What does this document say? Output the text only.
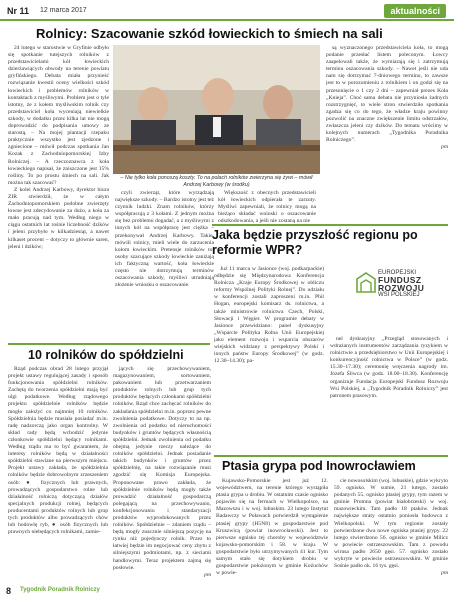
Nr 11 12 marca 2017	aktualności
Rolnicy: Szacowanie szkód łowieckich to śmiech na sali

24 lutego w starostwie w Gryfinie odbyło się spotkanie tutejszych rolników z przedstawicielami kół łowieckich dzierżawiących obwody na terenie powiatu gryfińskiego. Debata miała przynieść rozwiązanie kwestii oceny wielkości szkód łowieckich i problemów rolników w kontaktach z myśliwymi. Problem jest o tyle istotny, że z kołem myśliwskim rolnik czy przedstawiciel koła wyceniają niewielkie szkody, w dodatku przez kilka lat nie mogą doprowadzić do podpisania umowy ze starostą. – Na mojej plantacji rzepaku praktycznie wszystko jest zjedzone i zgniecione – mówił podczas spotkania Jan Kozak z Zachodniopomorskiej Izby Rolniczej. – A rzeczoznawca z koła łowieckiego napisał, że zniszczone jest 15% rośliny. To po prostu śmiech na sali. Jak można tak szacować?

Z kolei Andrzej Karbowy, dyrektor biura ZIR stwierdził, że w całym Zachodniopomorskiem podobne zwierzęty łowne jest zdecydowanie za dużo, a koła za mało pracują nad tym. Według niego w ciągu ostatnich lat rośnie liczebność dzików i jeleni przybyło w kilkadziesiąt, a nawet kilkaset procent – dotyczy to głównie saren, jeleni i dzików;

– Nie tylko koła ponoszą koszty. To na polach rolników zwierzyna się żywi – mówił Andrzej Karbowy (w środku)

czyli zwierząt, które wyrządzają największe szkody. – Bardzo istotny jest też czynnik ludzki. Znam rolników, którzy współpracują z 3 kołami. Z jednym można się bez problemu dogadać, a z myśliwymi z innych kół na współpracę jest ciężka – przekonywał Andrzej Karbowy. Takie, mówili rolnicy, mieli wiele do zarzucenia kołom łowieckim. Pretensje rolników to: osoby szacujące szkody łowieckie zaniżają ich faktyczną wartość, koła łowieckie często nie dotrzymują terminów oszacowania szkody, myśliwi utrudniają złożenie wniosku o oszacowanie.

Większość z obecnych przedstawicieli kół łowieckich odpierała te zarzuty. Myśliwi zapewniali, że rolnicy mogą na bieżąco składać wnioski o oszacowanie odszkodowania, a jeśli nie zostaną na nie

są wyznaczonego przedstawiciela koła, to mogą podanie przesłać listem poleconym. Łowcy zaapelowali także, że wymiarają się i zatrzymują terminu oszacowania szkody. – Nawet jeśli nie uda nam się dotrzymać 7-dniowego terminu, to zawsze jest to w porozumieniu z rolnikiem i on godzi się na przesunięcie o 1 czy 2 dni – zapewniał prezes Koła „Knieja”. Choć sama debata nie przyniosła żadnych rozstrzygnięć, to wiele stron stwierdziło spotkania zgadza się co do tego, że władze kraju powinny pozwolić na znaczne zwiększenie limitu odstrzałów, zwłaszcza jeleni czy dzików. Do tematu wrócimy w kolejnych numerach „Tygodnika Poradnika Rolniczego”.

pm

Jaka będzie przyszłość regionu po reformie WPR?

Już 11 marca w Jasionce (woj. podkarpackie) odbędzie się Międzynarodowa Konferencja Rolnicza „Kraje Europy Środkowej w obliczu reformy Wspólnej Polityki Rolnej”. Do udziału w konferencji zostali zaproszeni m.in. Phil Hogan, europejski komisarz ds. rolnictwa, a także ministrowie rolnictwa Czech, Polski, Słowacji i Węgier. W programie debaty w Jasionce przewidziano: panel dyskusyjny „Wsparcie Polityka Rolna Unii Europejskiej jako element rozwoju i wsparcia obszarów wiejskich widziany z perspektywy Polski i innych państw Europy Środkowej” (w godz. 12.30–14.30); pa-

EUROPEJSKI
FUNDUSZ
ROZWOJU
WSI POLSKIEJ

nel dyskusyjny „Przegląd stosowanych i wdrażanych instrumentów zarządzania ryzykiem w rolnictwie a przedsiębiorstwo w Unii Europejskiej i konkurencyjność rolnictwa w Polsce” (w godz. 15.30–17.30); ceremonię wręczenia nagrody im. Józefa Śliwca (w godz. 18.00–18.30). Konferencję organizuje Fundacja Europejski Fundusz Rozwoju Wsi Polskiej, a „Tygodnik Poradnik Rolniczy” jest patronem prasowym.

10 rolników do spółdzielni

Rząd podczas obrad 28 lutego przyjął projekt ustawy regulującej zasady i sposób funkcjonowania spółdzielni rolników. Zachętą do tworzenia spółdzielni mają być ulgi podatkowe. Według rządowego projektu spółdzielnie rolników będzie mogło założyć co najmniej 10 rolników. Spółdzielnia będzie musiała posiadać m.in. radę nadzorczą jako organ kontrolny. W skład rady będą wchodzić jedynie członkowie spółdzielni będący rolnikami. Według rządu ma to być gwarantem, że interesy rolników będą w działalności spółdzielni stawiane na pierwszym miejscu. Projekt ustawy zakłada, że spółdzielnia rolników będzie dobrowolnym zrzeszeniem osób: ● fizycznych lub prawnych, prowadzących gospodarstwo rolne lub działalność rolniczą dotyczącą działów specjalnych produkcji rolnej, będących producentami produktów rolnych lub grup tych produktów albo prowadzących chów lub hodowlę ryb, ● osób fizycznych lub prawnych niebędących rolnikami, zamie-

jących się przechowywaniem, magazynowaniem, sortowaniem, pakowaniem lub przetwarzaniem produktów rolnych lub grup tych produktów będących członkami spółdzielni rolników. Rząd chce zachęcać rolników do zakładania spółdzielni m.in. poprzez pewne zwolnienia podatkowe. Dotyczy to na np. zwolnienia od podatku od nieruchomości budynków i gruntów będących własnością spółdzielni. Jednak zwolnienia od podatku obejmą jedynie rzeczy należące do rolników spółdzielni. Jednak posiadanie takich budynków i gruntów przez spółdzielnię, na takie rozwiązanie musi zgodzić się Komisja Europejska. Proponowane prawo zakłada, że spółdzielnie rolników będą mogły także prowadzić działalność gospodarczą polegającą na przechowywaniu, konfekcjonowaniu i standaryzacji produktów wyprodukowanych przez rolników. Spółdzielnie – zdaniem rządu – będą mogły znacznie silniejszą pozycję na rynku niż pojedynczy rolnik. Przez to łatwiej będzie im negocjować ceny zbytu z silniejszymi podmiotami, np. z sieciami handlowymi. Teraz projektem zajmą się posłowie.

pm

Ptasia grypa pod Inowrocławiem

Kujawsko-Pomorskie jest już 12. województwem, na terenie którego wystąpiła ptasia grypa u drobiu. W ostatnim czasie ognisko pojawiło się na fermach w Wielkopolsce, na Mazowszu i w woj. lubuskim. 23 lutego Instytut Badawczy w Puławach potwierdził wystąpienie ptasiej grypy (H5N8) w gospodarstwie pod Kruszwicą (powiat inowrocławski). Jest to pierwsze ognisko tej choroby w województwie kujawsko-pomorskim i 58. w kraju. W gospodarstwie było utrzymywanych 41 kur. Tym samym stało się dotykiem drobiu w gospodarstwie położonym w gminie Koźuchów w powie-

cie nowosolskim (woj. lubuskie), gdzie wykryto 59. ognisko. W sumie, 21 lutego, zostało podanych 55. ognisko ptasiej grypy, tym razem w gminie Promna (powiat białobrzeski) w woj. mazowieckim. Tam padło 18 ptaków. Jednak największe straty ostatnio poniosła hodowca z Wielkopolski. W tym regionie zostały potwierdzone dwa nowe ogniska ptasiej grypy. 22 lutego stwierdzono 56. ognisko w gminie Milicz w powiecie ostrzeszowskim. Tam z powodu wirusa padło 2650 gęsi. 57. ognisko zostało wykryte w powiecie ostrzeszowskim. W gminie Sośnie padło ok. 16 tys. gęsi.

pm

8 Tygodnik Poradnik Rolniczy
